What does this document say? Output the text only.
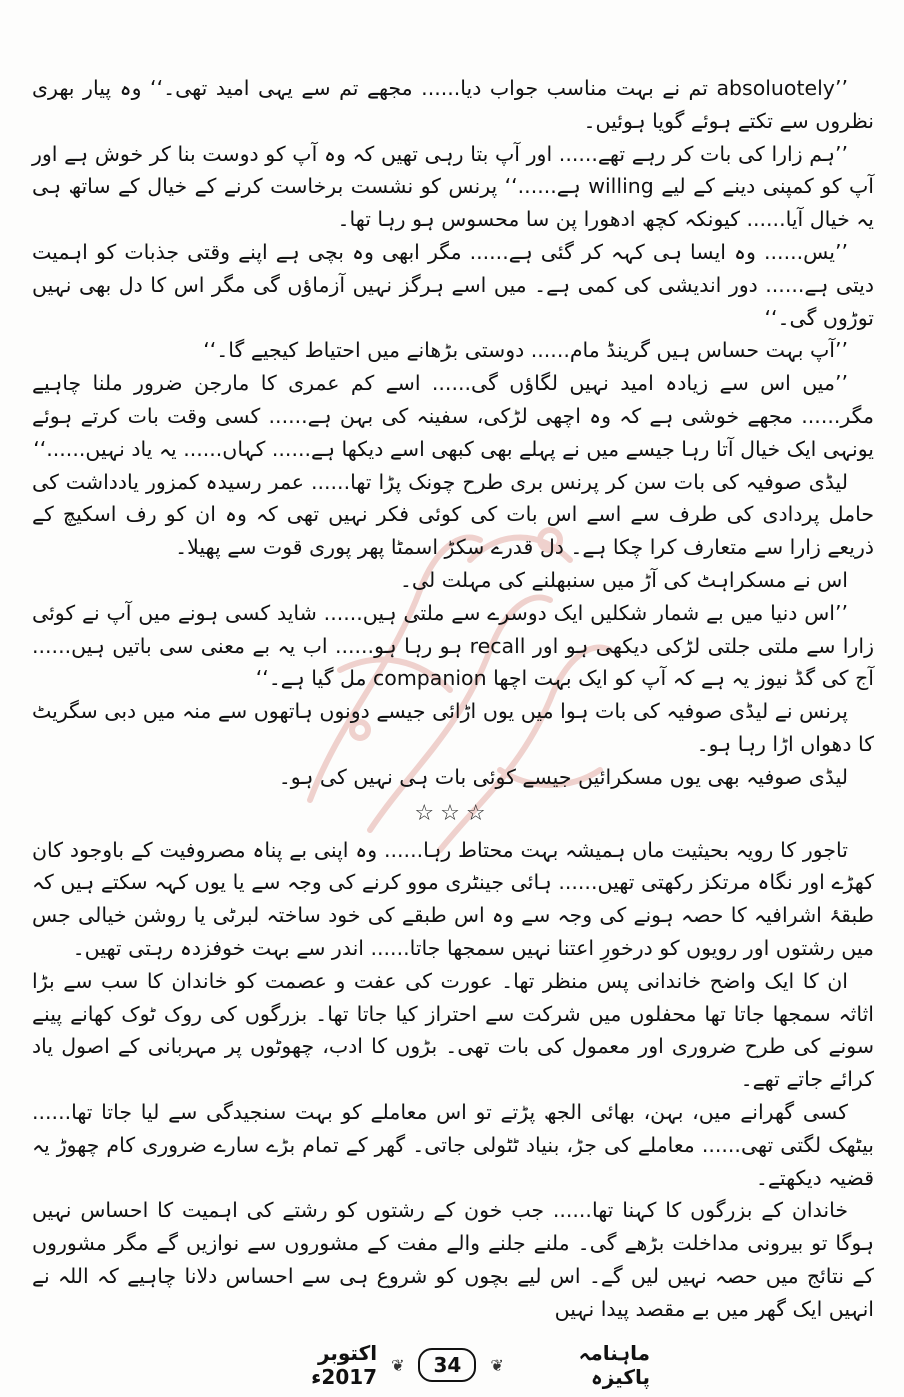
’’absoluotely تم نے بہت مناسب جواب دیا...... مجھے تم سے یہی امید تھی۔‘‘ وہ پیار بھری نظروں سے تکتے ہوئے گویا ہوئیں۔

’’ہم زارا کی بات کر رہے تھے...... اور آپ بتا رہی تھیں کہ وہ آپ کو دوست بنا کر خوش ہے اور آپ کو کمپنی دینے کے لیے willing ہے......‘‘ پرنس کو نشست برخاست کرنے کے خیال کے ساتھ ہی یہ خیال آیا...... کیونکہ کچھ ادھورا پن سا محسوس ہو رہا تھا۔

’’یس...... وہ ایسا ہی کہہ کر گئی ہے...... مگر ابھی وہ بچی ہے اپنے وقتی جذبات کو اہمیت دیتی ہے...... دور اندیشی کی کمی ہے۔ میں اسے ہرگز نہیں آزماؤں گی مگر اس کا دل بھی نہیں توڑوں گی۔‘‘

’’آپ بہت حساس ہیں گرینڈ مام...... دوستی بڑھانے میں احتیاط کیجیے گا۔‘‘

’’میں اس سے زیادہ امید نہیں لگاؤں گی...... اسے کم عمری کا مارجن ضرور ملنا چاہیے مگر...... مجھے خوشی ہے کہ وہ اچھی لڑکی، سفینہ کی بہن ہے...... کسی وقت بات کرتے ہوئے یونہی ایک خیال آتا رہا جیسے میں نے پہلے بھی کبھی اسے دیکھا ہے...... کہاں...... یہ یاد نہیں......‘‘

لیڈی صوفیہ کی بات سن کر پرنس بری طرح چونک پڑا تھا...... عمر رسیدہ کمزور یادداشت کی حامل پردادی کی طرف سے اسے اس بات کی کوئی فکر نہیں تھی کہ وہ ان کو رف اسکیچ کے ذریعے زارا سے متعارف کرا چکا ہے۔ دل قدرے سکڑ اسمٹا پھر پوری قوت سے پھیلا۔

اس نے مسکراہٹ کی آڑ میں سنبھلنے کی مہلت لی۔

’’اس دنیا میں بے شمار شکلیں ایک دوسرے سے ملتی ہیں...... شاید کسی ہونے میں آپ نے کوئی زارا سے ملتی جلتی لڑکی دیکھی ہو اور recall ہو رہا ہو...... اب یہ بے معنی سی باتیں ہیں...... آج کی گڈ نیوز یہ ہے کہ آپ کو ایک بہت اچھا companion مل گیا ہے۔‘‘

پرنس نے لیڈی صوفیہ کی بات ہوا میں یوں اڑائی جیسے دونوں ہاتھوں سے منہ میں دبی سگریٹ کا دھواں اڑا رہا ہو۔

لیڈی صوفیہ بھی یوں مسکرائیں جیسے کوئی بات ہی نہیں کی ہو۔

☆☆☆

تاجور کا رویہ بحیثیت ماں ہمیشہ بہت محتاط رہا...... وہ اپنی بے پناہ مصروفیت کے باوجود کان کھڑے اور نگاہ مرتکز رکھتی تھیں...... ہائی جینٹری موو کرنے کی وجہ سے یا یوں کہہ سکتے ہیں کہ طبقۂ اشرافیہ کا حصہ ہونے کی وجہ سے وہ اس طبقے کی خود ساختہ لبرٹی یا روشن خیالی جس میں رشتوں اور رویوں کو درخورِ اعتنا نہیں سمجھا جاتا...... اندر سے بہت خوفزدہ رہتی تھیں۔

ان کا ایک واضح خاندانی پس منظر تھا۔ عورت کی عفت و عصمت کو خاندان کا سب سے بڑا اثاثہ سمجھا جاتا تھا محفلوں میں شرکت سے احتراز کیا جاتا تھا۔ بزرگوں کی روک ٹوک کھانے پینے سونے کی طرح ضروری اور معمول کی بات تھی۔ بڑوں کا ادب، چھوٹوں پر مہربانی کے اصول یاد کرائے جاتے تھے۔

کسی گھرانے میں، بہن، بھائی الجھ پڑتے تو اس معاملے کو بہت سنجیدگی سے لیا جاتا تھا...... بیٹھک لگتی تھی...... معاملے کی جڑ، بنیاد ٹٹولی جاتی۔ گھر کے تمام بڑے سارے ضروری کام چھوڑ یہ قضیہ دیکھتے۔

خاندان کے بزرگوں کا کہنا تھا...... جب خون کے رشتوں کو رشتے کی اہمیت کا احساس نہیں ہوگا تو بیرونی مداخلت بڑھے گی۔ ملنے جلنے والے مفت کے مشوروں سے نوازیں گے مگر مشوروں کے نتائج میں حصہ نہیں لیں گے۔ اس لیے بچوں کو شروع ہی سے احساس دلانا چاہیے کہ اللہ نے انہیں ایک گھر میں بے مقصد پیدا نہیں

ماہنامہ پاکیزہ
❦
34
❦
اکتوبر 2017ء
